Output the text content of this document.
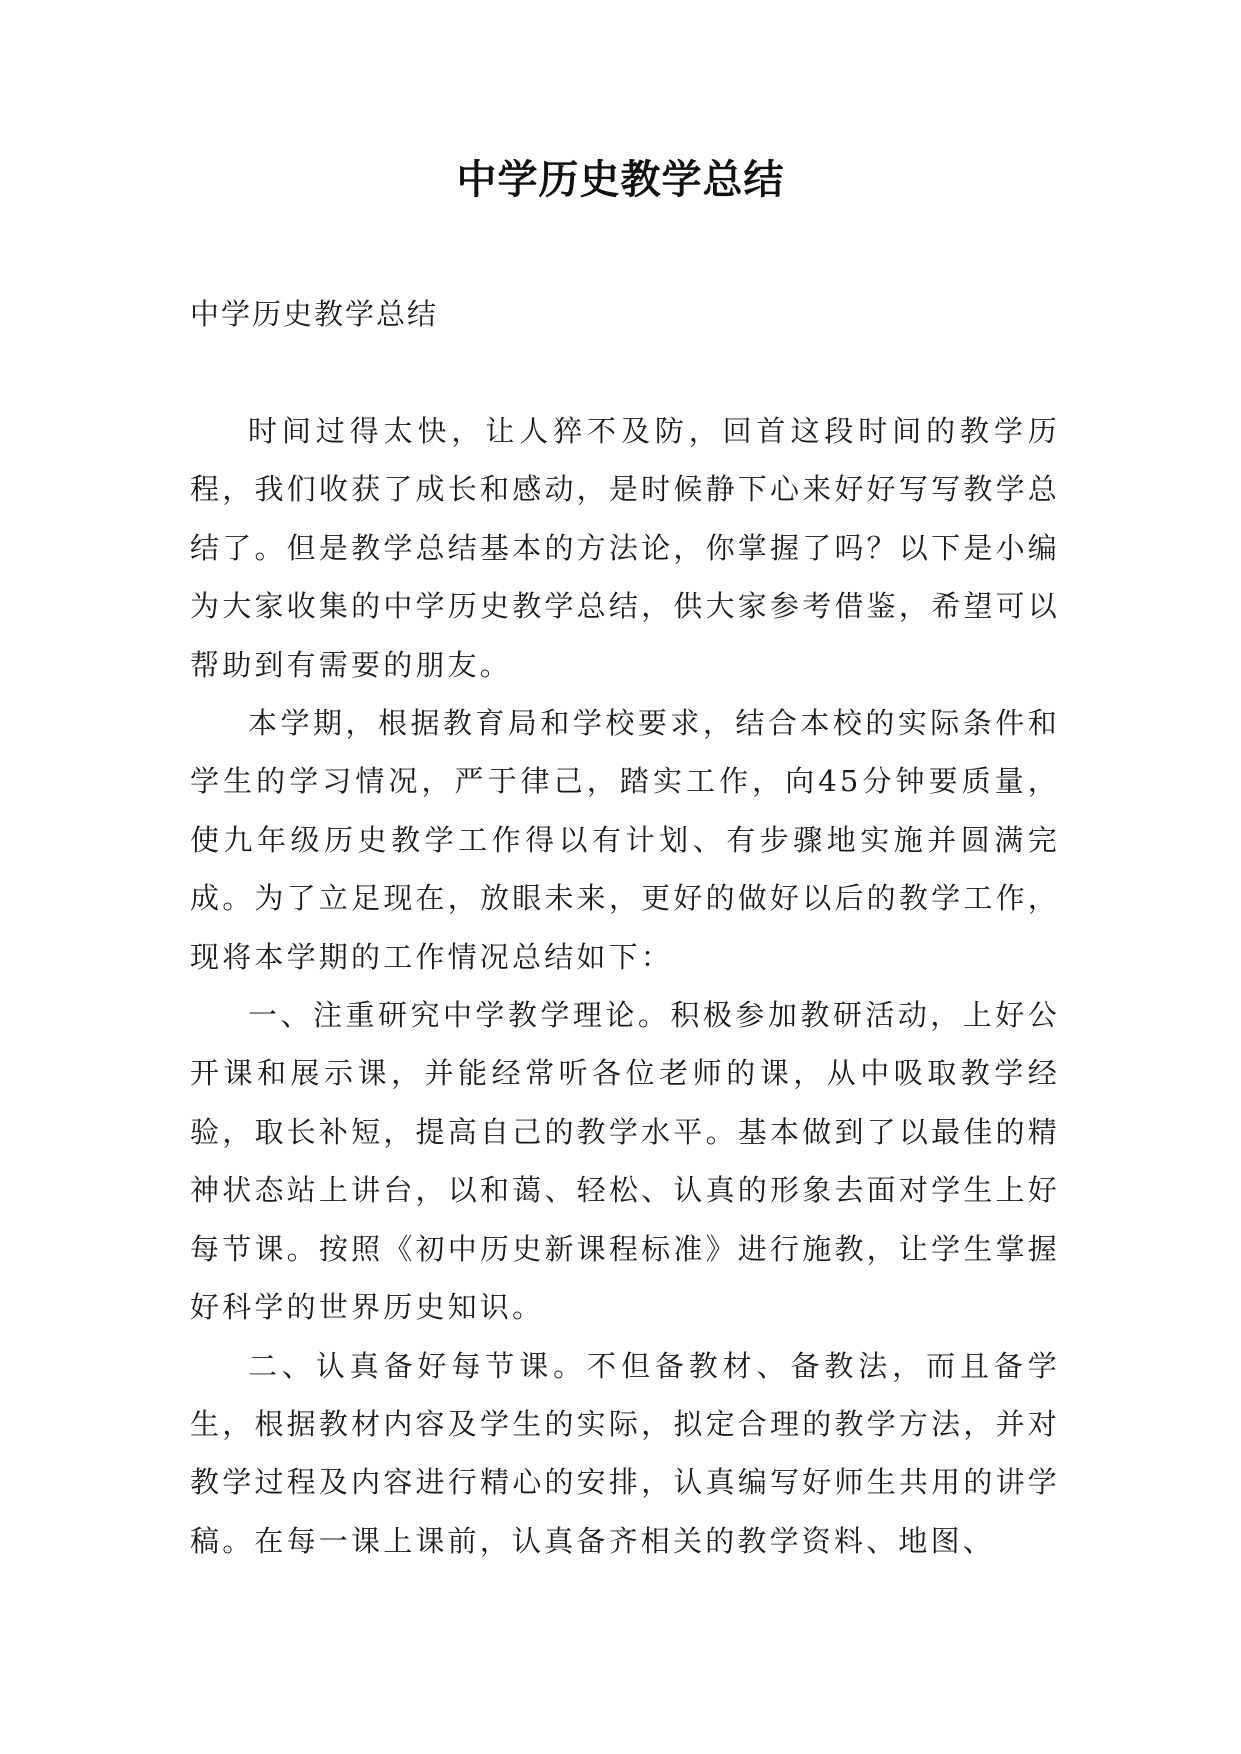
中学历史教学总结
中学历史教学总结

时间过得太快，让人猝不及防，回首这段时间的教学历程，我们收获了成长和感动，是时候静下心来好好写写教学总结了。但是教学总结基本的方法论，你掌握了吗？以下是小编为大家收集的中学历史教学总结，供大家参考借鉴，希望可以帮助到有需要的朋友。

本学期，根据教育局和学校要求，结合本校的实际条件和学生的学习情况，严于律己，踏实工作，向45分钟要质量，使九年级历史教学工作得以有计划、有步骤地实施并圆满完成。为了立足现在，放眼未来，更好的做好以后的教学工作，现将本学期的工作情况总结如下：

一、注重研究中学教学理论。积极参加教研活动，上好公开课和展示课，并能经常听各位老师的课，从中吸取教学经验，取长补短，提高自己的教学水平。基本做到了以最佳的精神状态站上讲台，以和蔼、轻松、认真的形象去面对学生上好每节课。按照《初中历史新课程标准》进行施教，让学生掌握好科学的世界历史知识。

二、认真备好每节课。不但备教材、备教法，而且备学生，根据教材内容及学生的实际，拟定合理的教学方法，并对教学过程及内容进行精心的安排，认真编写好师生共用的讲学稿。在每一课上课前，认真备齐相关的教学资料、地图、
